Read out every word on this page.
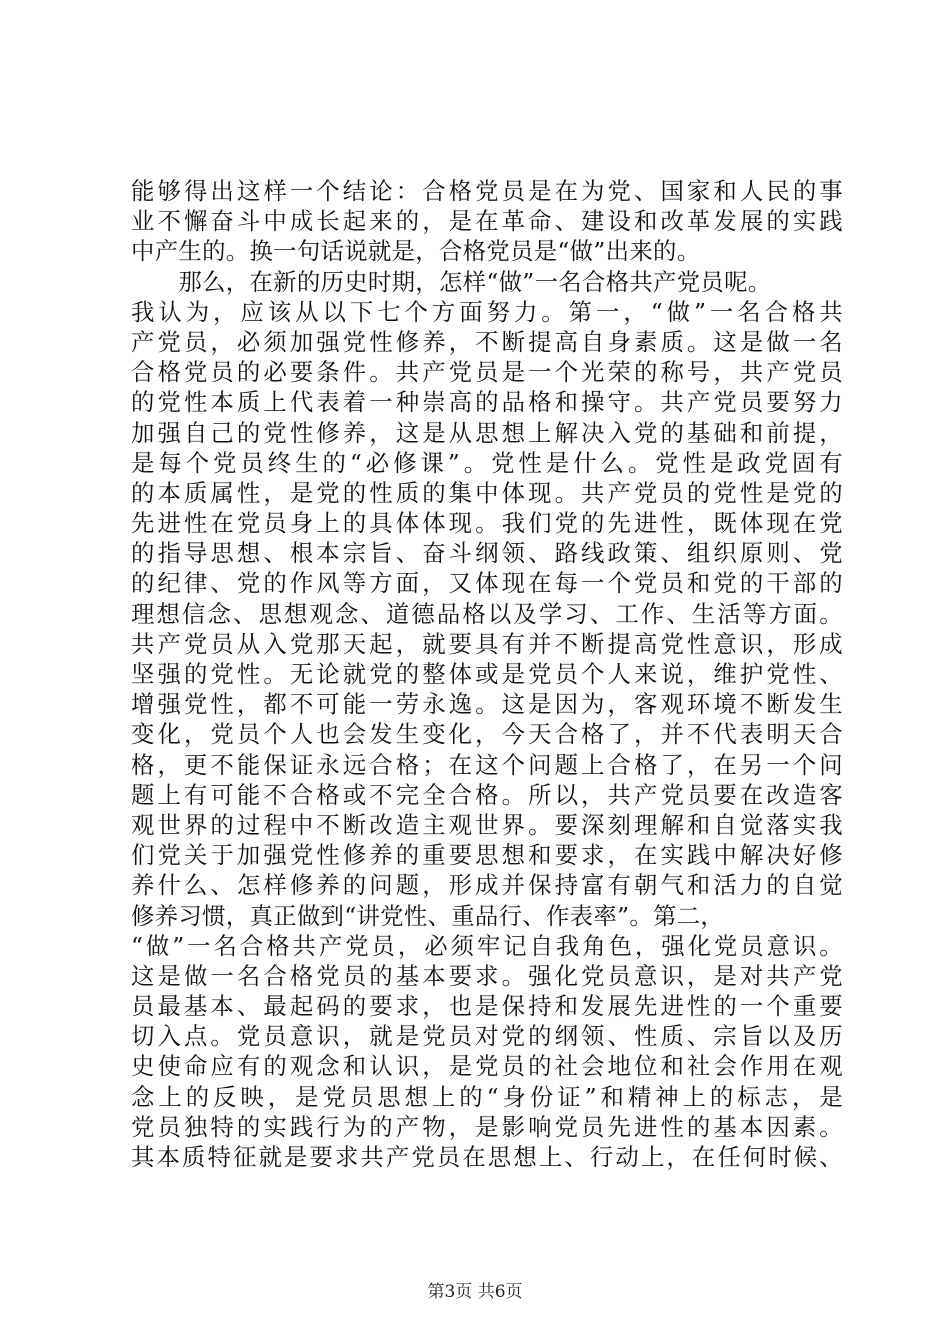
能够得出这样一个结论：合格党员是在为党、国家和人民的事
业不懈奋斗中成长起来的，是在革命、建设和改革发展的实践
中产生的。换一句话说就是，合格党员是“做”出来的。
　　那么，在新的历史时期，怎样“做”一名合格共产党员呢。
我认为，应该从以下七个方面努力。第一，“做”一名合格共
产党员，必须加强党性修养，不断提高自身素质。这是做一名
合格党员的必要条件。共产党员是一个光荣的称号，共产党员
的党性本质上代表着一种崇高的品格和操守。共产党员要努力
加强自己的党性修养，这是从思想上解决入党的基础和前提，
是每个党员终生的“必修课”。党性是什么。党性是政党固有
的本质属性，是党的性质的集中体现。共产党员的党性是党的
先进性在党员身上的具体体现。我们党的先进性，既体现在党
的指导思想、根本宗旨、奋斗纲领、路线政策、组织原则、党
的纪律、党的作风等方面，又体现在每一个党员和党的干部的
理想信念、思想观念、道德品格以及学习、工作、生活等方面。
共产党员从入党那天起，就要具有并不断提高党性意识，形成
坚强的党性。无论就党的整体或是党员个人来说，维护党性、
增强党性，都不可能一劳永逸。这是因为，客观环境不断发生
变化，党员个人也会发生变化，今天合格了，并不代表明天合
格，更不能保证永远合格；在这个问题上合格了，在另一个问
题上有可能不合格或不完全合格。所以，共产党员要在改造客
观世界的过程中不断改造主观世界。要深刻理解和自觉落实我
们党关于加强党性修养的重要思想和要求，在实践中解决好修
养什么、怎样修养的问题，形成并保持富有朝气和活力的自觉
修养习惯，真正做到“讲党性、重品行、作表率”。第二，
“做”一名合格共产党员，必须牢记自我角色，强化党员意识。
这是做一名合格党员的基本要求。强化党员意识，是对共产党
员最基本、最起码的要求，也是保持和发展先进性的一个重要
切入点。党员意识，就是党员对党的纲领、性质、宗旨以及历
史使命应有的观念和认识，是党员的社会地位和社会作用在观
念上的反映，是党员思想上的“身份证”和精神上的标志，是
党员独特的实践行为的产物，是影响党员先进性的基本因素。
其本质特征就是要求共产党员在思想上、行动上，在任何时候、
第3页 共6页
